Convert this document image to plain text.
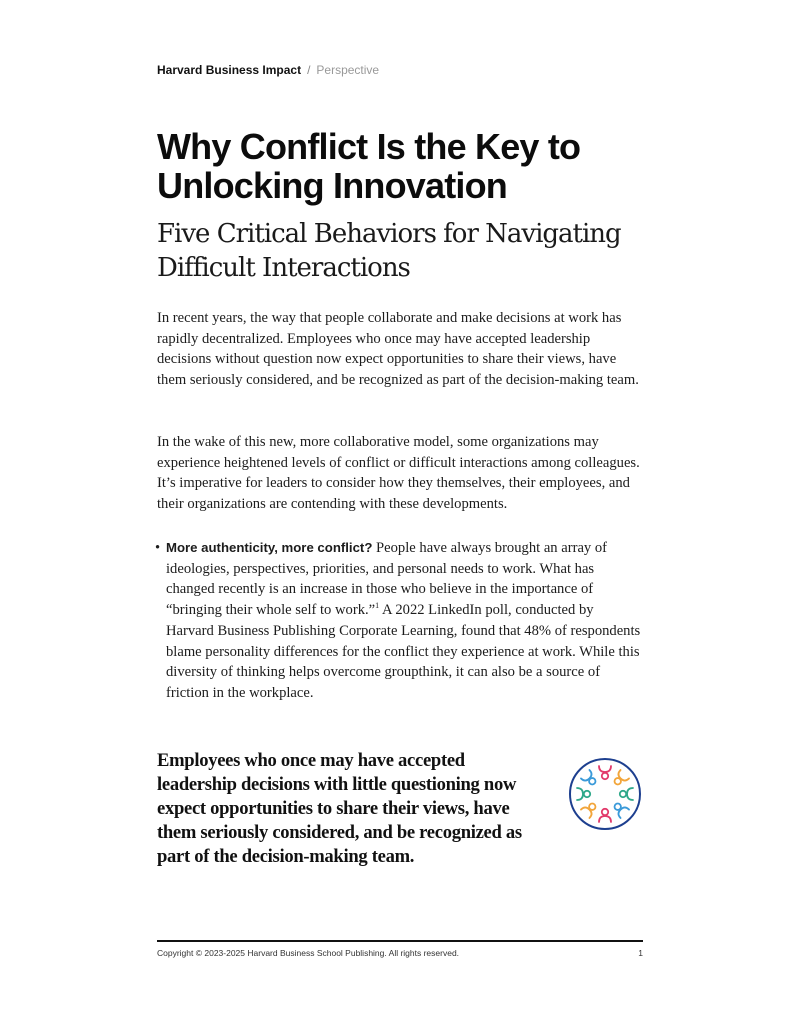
Harvard Business Impact / Perspective
Why Conflict Is the Key to Unlocking Innovation
Five Critical Behaviors for Navigating Difficult Interactions

In recent years, the way that people collaborate and make decisions at work has rapidly decentralized. Employees who once may have accepted leadership decisions without question now expect opportunities to share their views, have them seriously considered, and be recognized as part of the decision-making team.

In the wake of this new, more collaborative model, some organizations may experience heightened levels of conflict or difficult interactions among colleagues. It’s imperative for leaders to consider how they themselves, their employees, and their organizations are contending with these developments.

• More authenticity, more conflict? People have always brought an array of ideologies, perspectives, priorities, and personal needs to work. What has changed recently is an increase in those who believe in the importance of “bringing their whole self to work.”$^1$ A 2022 LinkedIn poll, conducted by Harvard Business Publishing Corporate Learning, found that 48% of respondents blame personality differences for the conflict they experience at work. While this diversity of thinking helps overcome groupthink, it can also be a source of friction in the workplace.

Employees who once may have accepted leadership decisions with little questioning now expect opportunities to share their views, have them seriously considered, and be recognized as part of the decision-making team.

Copyright © 2023-2025 Harvard Business School Publishing. All rights reserved.	1
